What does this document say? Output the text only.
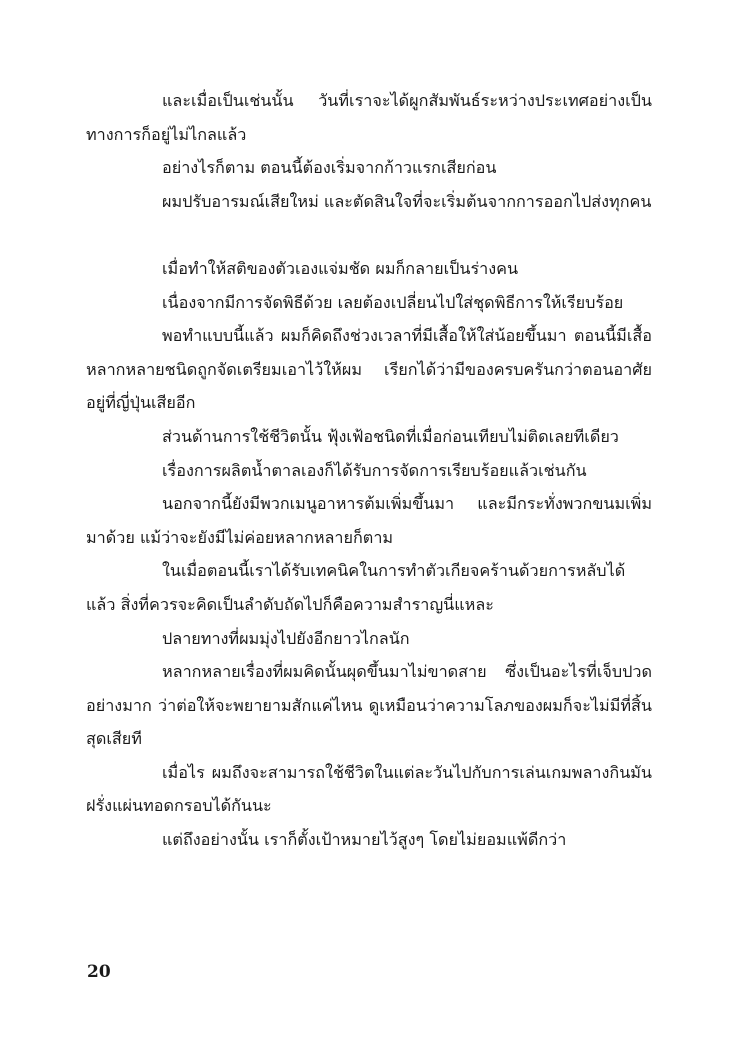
และเมื่อเป็นเช่นนั้น วันที่เราจะได้ผูกสัมพันธ์ระหว่างประเทศอย่างเป็นทางการก็อยู่ไม่ไกลแล้ว

อย่างไรก็ตาม ตอนนี้ต้องเริ่มจากก้าวแรกเสียก่อน

ผมปรับอารมณ์เสียใหม่ และตัดสินใจที่จะเริ่มต้นจากการออกไปส่งทุกคน

เมื่อทำให้สติของตัวเองแจ่มชัด ผมก็กลายเป็นร่างคน

เนื่องจากมีการจัดพิธีด้วย เลยต้องเปลี่ยนไปใส่ชุดพิธีการให้เรียบร้อย

พอทำแบบนี้แล้ว ผมก็คิดถึงช่วงเวลาที่มีเสื้อให้ใส่น้อยขึ้นมา ตอนนี้มีเสื้อหลากหลายชนิดถูกจัดเตรียมเอาไว้ให้ผม เรียกได้ว่ามีของครบครันกว่าตอนอาศัยอยู่ที่ญี่ปุ่นเสียอีก

ส่วนด้านการใช้ชีวิตนั้น ฟุ้งเฟ้อชนิดที่เมื่อก่อนเทียบไม่ติดเลยทีเดียว

เรื่องการผลิตน้ำตาลเองก็ได้รับการจัดการเรียบร้อยแล้วเช่นกัน

นอกจากนี้ยังมีพวกเมนูอาหารต้มเพิ่มขึ้นมา และมีกระทั่งพวกขนมเพิ่มมาด้วย แม้ว่าจะยังมีไม่ค่อยหลากหลายก็ตาม

ในเมื่อตอนนี้เราได้รับเทคนิคในการทำตัวเกียจคร้านด้วยการหลับได้แล้ว สิ่งที่ควรจะคิดเป็นลำดับถัดไปก็คือความสำราญนี่แหละ

ปลายทางที่ผมมุ่งไปยังอีกยาวไกลนัก

หลากหลายเรื่องที่ผมคิดนั้นผุดขึ้นมาไม่ขาดสาย ซึ่งเป็นอะไรที่เจ็บปวดอย่างมาก ว่าต่อให้จะพยายามสักแค่ไหน ดูเหมือนว่าความโลภของผมก็จะไม่มีที่สิ้นสุดเสียที

เมื่อไร ผมถึงจะสามารถใช้ชีวิตในแต่ละวันไปกับการเล่นเกมพลางกินมันฝรั่งแผ่นทอดกรอบได้กันนะ

แต่ถึงอย่างนั้น เราก็ตั้งเป้าหมายไว้สูงๆ โดยไม่ยอมแพ้ดีกว่า

20
